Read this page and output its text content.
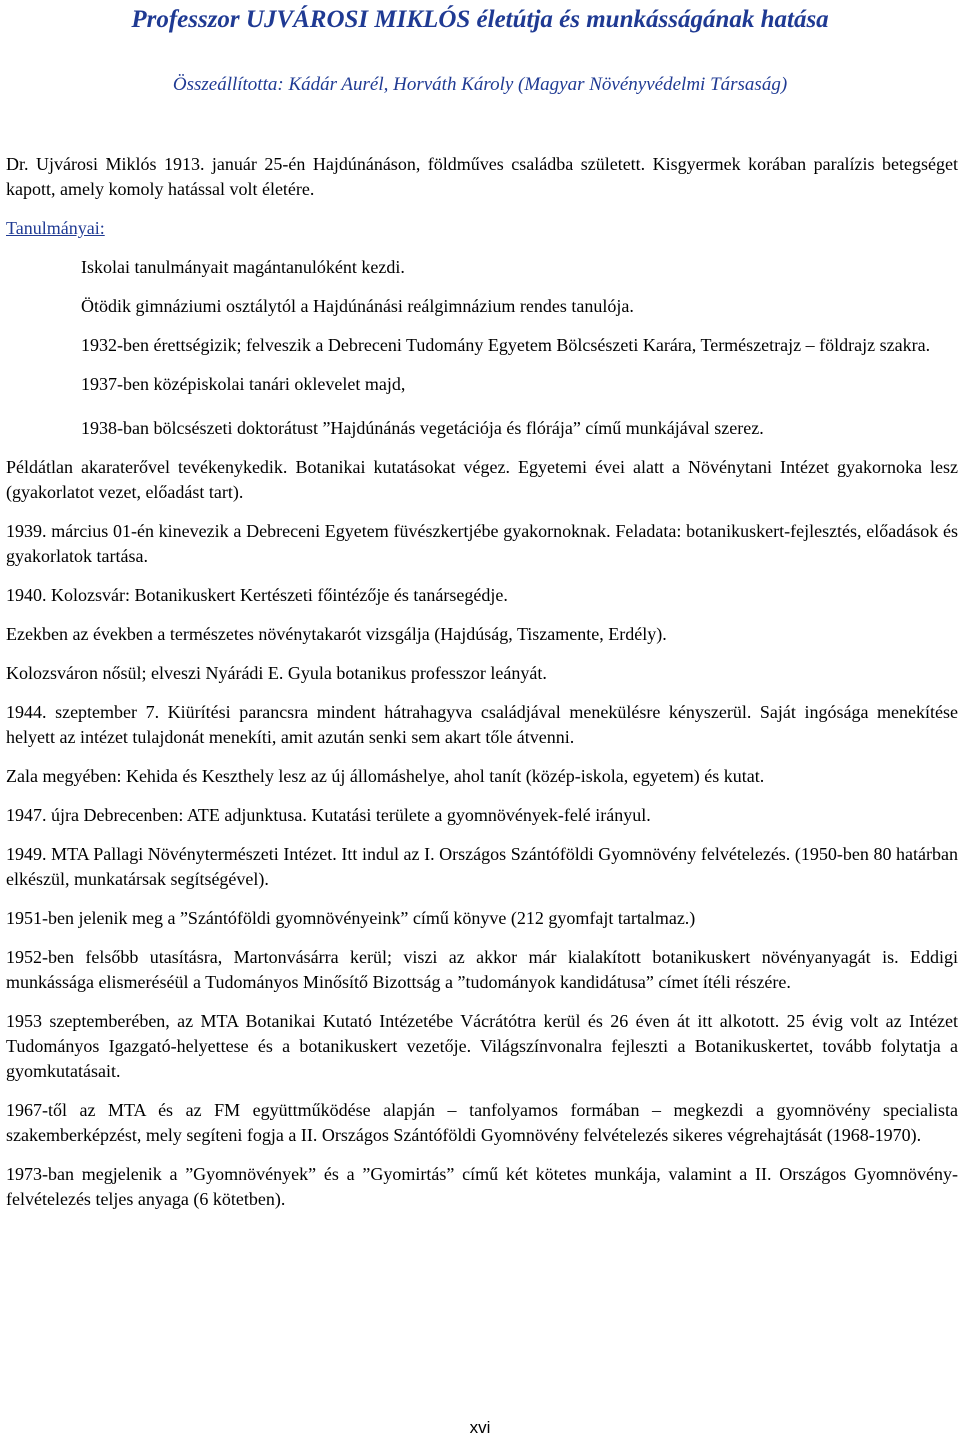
Professzor UJVÁROSI MIKLÓS életútja és munkásságának hatása
Összeállította: Kádár Aurél, Horváth Károly (Magyar Növényvédelmi Társaság)

Dr. Ujvárosi Miklós 1913. január 25-én Hajdúnánáson, földműves családba született. Kisgyermek korában paralízis betegséget kapott, amely komoly hatással volt életére.

Tanulmányai:

Iskolai tanulmányait magántanulóként kezdi.

Ötödik gimnáziumi osztálytól a Hajdúnánási reálgimnázium rendes tanulója.

1932-ben érettségizik; felveszik a Debreceni Tudomány Egyetem Bölcsészeti Karára, Természetrajz – földrajz szakra.

1937-ben középiskolai tanári oklevelet majd,

1938-ban bölcsészeti doktorátust ”Hajdúnánás vegetációja és flórája” című munkájával szerez.

Példátlan akaraterővel tevékenykedik. Botanikai kutatásokat végez. Egyetemi évei alatt a Növénytani Intézet gyakornoka lesz (gyakorlatot vezet, előadást tart).

1939. március 01-én kinevezik a Debreceni Egyetem füvészkertjébe gyakornoknak. Feladata: botanikuskert-fejlesztés, előadások és gyakorlatok tartása.

1940. Kolozsvár: Botanikuskert Kertészeti főintézője és tanársegédje.

Ezekben az években a természetes növénytakarót vizsgálja (Hajdúság, Tiszamente, Erdély).

Kolozsváron nősül; elveszi Nyárádi E. Gyula botanikus professzor leányát.

1944. szeptember 7. Kiürítési parancsra mindent hátrahagyva családjával menekülésre kényszerül. Saját ingósága menekítése helyett az intézet tulajdonát menekíti, amit azután senki sem akart tőle átvenni.

Zala megyében: Kehida és Keszthely lesz az új állomáshelye, ahol tanít (közép-iskola, egyetem) és kutat.

1947. újra Debrecenben: ATE adjunktusa. Kutatási területe a gyomnövények-felé irányul.

1949. MTA Pallagi Növénytermészeti Intézet. Itt indul az I. Országos Szántóföldi Gyomnövény felvételezés. (1950-ben 80 határban elkészül, munkatársak segítségével).

1951-ben jelenik meg a ”Szántóföldi gyomnövényeink” című könyve (212 gyomfajt tartalmaz.)

1952-ben felsőbb utasításra, Martonvásárra kerül; viszi az akkor már kialakított botanikuskert növényanyagát is. Eddigi munkássága elismeréséül a Tudományos Minősítő Bizottság a ”tudományok kandidátusa” címet ítéli részére.

1953 szeptemberében, az MTA Botanikai Kutató Intézetébe Vácrátótra kerül és 26 éven át itt alkotott. 25 évig volt az Intézet Tudományos Igazgató-helyettese és a botanikuskert vezetője. Világszínvonalra fejleszti a Botanikuskertet, tovább folytatja a gyomkutatásait.

1967-től az MTA és az FM együttműködése alapján – tanfolyamos formában – megkezdi a gyomnövény specialista szakemberképzést, mely segíteni fogja a II. Országos Szántóföldi Gyomnövény felvételezés sikeres végrehajtását (1968-1970).

1973-ban megjelenik a ”Gyomnövények” és a ”Gyomirtás” című két kötetes munkája, valamint a II. Országos Gyomnövény-felvételezés teljes anyaga (6 kötetben).

xvi
